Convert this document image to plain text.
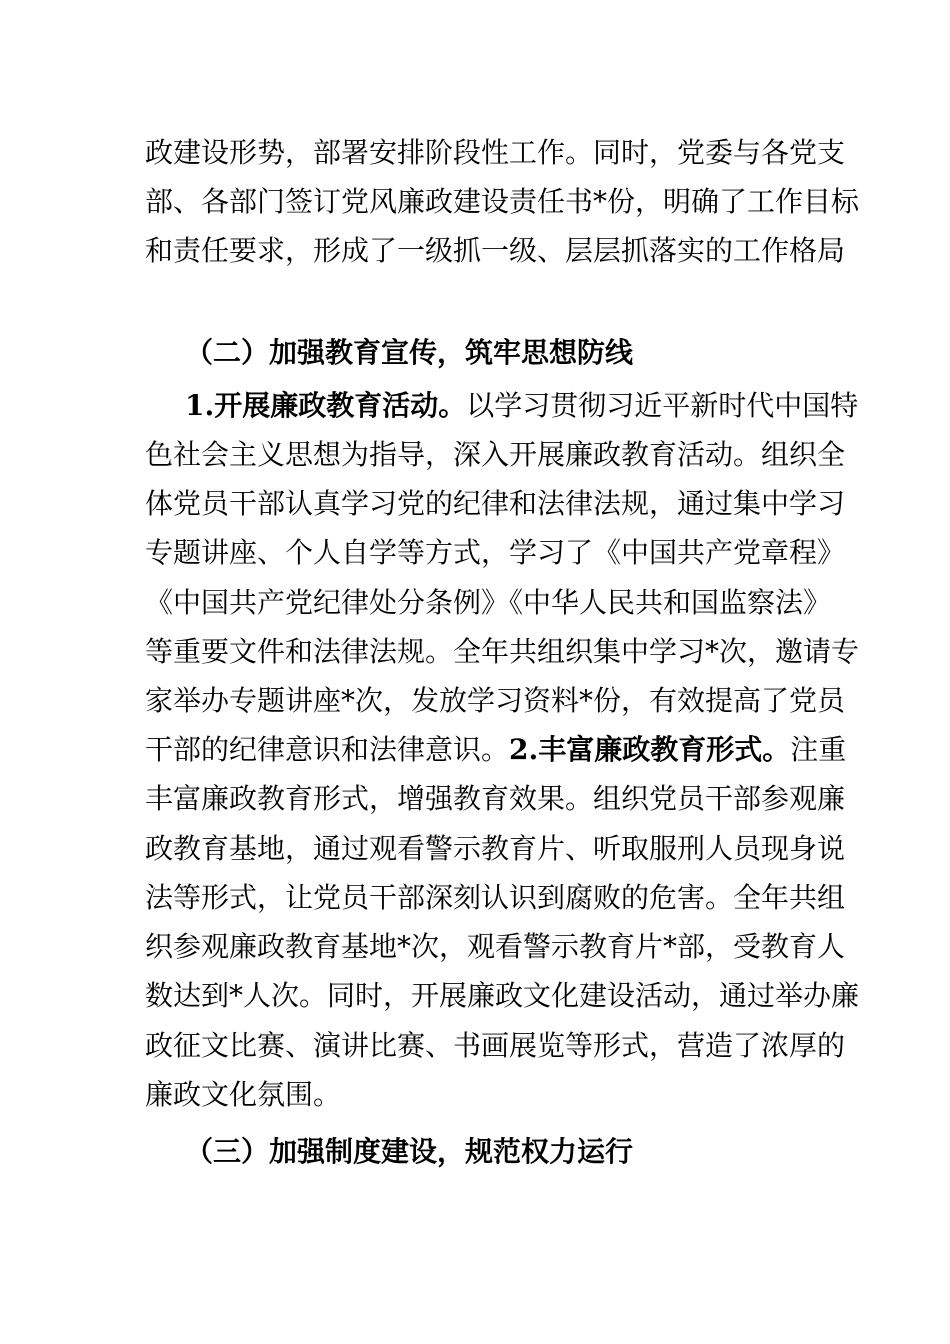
政建设形势，部署安排阶段性工作。同时，党委与各党支
部、各部门签订党风廉政建设责任书*份，明确了工作目标
和责任要求，形成了一级抓一级、层层抓落实的工作格局
（二）加强教育宣传，筑牢思想防线
1.开展廉政教育活动。以学习贯彻习近平新时代中国特
色社会主义思想为指导，深入开展廉政教育活动。组织全
体党员干部认真学习党的纪律和法律法规，通过集中学习
专题讲座、个人自学等方式，学习了《中国共产党章程》
《中国共产党纪律处分条例》《中华人民共和国监察法》
等重要文件和法律法规。全年共组织集中学习*次，邀请专
家举办专题讲座*次，发放学习资料*份，有效提高了党员
干部的纪律意识和法律意识。2.丰富廉政教育形式。注重
丰富廉政教育形式，增强教育效果。组织党员干部参观廉
政教育基地，通过观看警示教育片、听取服刑人员现身说
法等形式，让党员干部深刻认识到腐败的危害。全年共组
织参观廉政教育基地*次，观看警示教育片*部，受教育人
数达到*人次。同时，开展廉政文化建设活动，通过举办廉
政征文比赛、演讲比赛、书画展览等形式，营造了浓厚的
廉政文化氛围。
（三）加强制度建设，规范权力运行
